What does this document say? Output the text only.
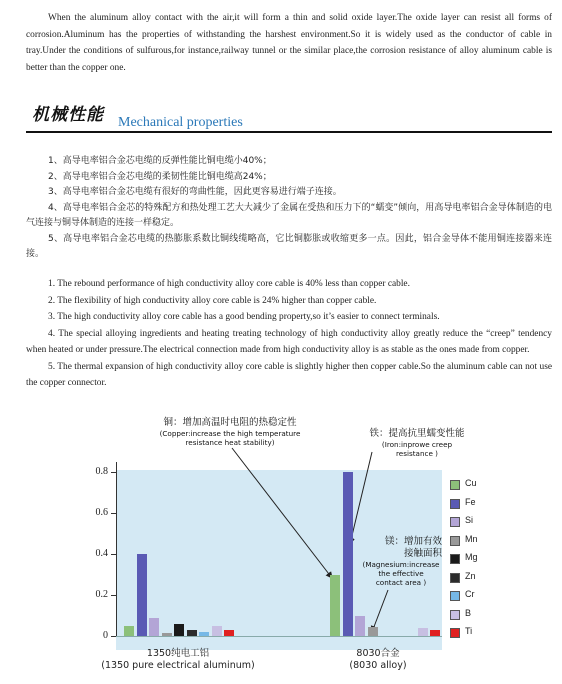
When the aluminum alloy contact with the air,it will form a thin and solid oxide layer.The oxide layer can resist all forms of corrosion.Aluminum has the properties of withstanding the harshest environment.So it is widely used as the conductor of cable in tray.Under the conditions of sulfurous,for instance,railway tunnel or the similar place,the corrosion resistance of alloy aluminum cable is better than the copper one.

机械性能 Mechanical properties
1、高导电率铝合金芯电缆的反弹性能比铜电缆小40%；
2、高导电率铝合金芯电缆的柔韧性能比铜电缆高24%；
3、高导电率铝合金芯电缆有很好的弯曲性能，因此更容易进行端子连接。
4、高导电率铝合金芯的特殊配方和热处理工艺大大减少了金属在受热和压力下的“蠕变”倾向，用高导电率铝合金导体制造的电气连接与铜导体制造的连接一样稳定。
5、高导电率铝合金芯电缆的热膨胀系数比铜线缆略高，它比铜膨胀或收缩更多一点。因此，铝合金导体不能用铜连接器来连接。
1. The rebound performance of high conductivity alloy core cable is 40% less than copper cable.
2. The flexibility of high conductivity alloy core cable is 24% higher than copper cable.
3. The high conductivity alloy core cable has a good bending property,so it’s easier to connect terminals.
4. The special alloying ingredients and heating treating technology of high conductivity alloy greatly reduce the “creep” tendency when heated or under pressure.The electrical connection made from high conductivity alloy is as stable as the ones made from copper.
5. The thermal expansion of high conductivity alloy core cable is slightly higher then copper cable.So the aluminum cable can not use the copper connector.
铜：增加高温时电阻的热稳定性
(Copper:increase the high temperature
resistance heat stability)
铁：提高抗里蠕变性能
(Iron:inprowe creep
resistance )
镁：增加有效
接触面积
(Magnesium:increase
the effective
contact area )
Cu
Fe
Si
Mn
Mg
Zn
Cr
B
Ti
0
0.2
0.4
0.6
0.8
1350纯电工铝
(1350 pure electrical aluminum)
8030合金
(8030 alloy)
